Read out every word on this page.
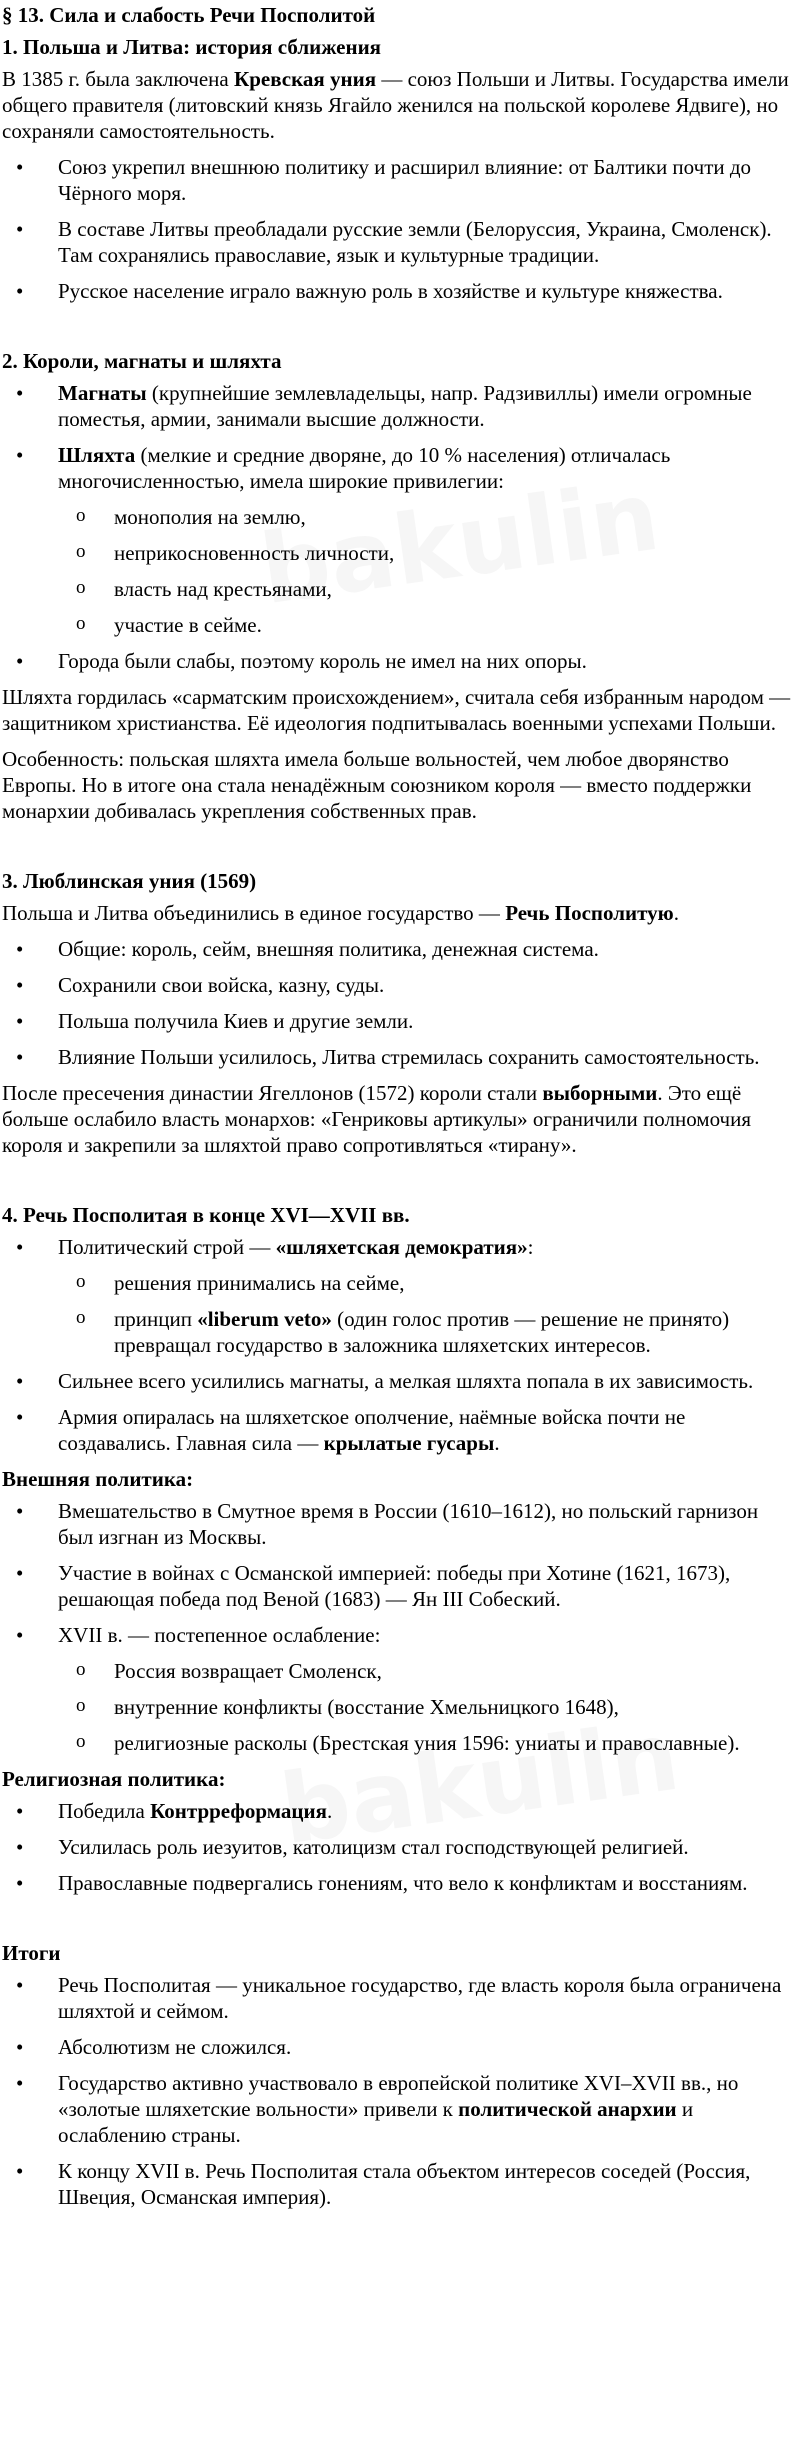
§ 13. Сила и слабость Речи Посполитой
1. Польша и Литва: история сближения

В 1385 г. была заключена Кревская уния — союз Польши и Литвы. Государства имели общего правителя (литовский князь Ягайло женился на польской королеве Ядвиге), но сохраняли самостоятельность.

• Союз укрепил внешнюю политику и расширил влияние: от Балтики почти до Чёрного моря.
• В составе Литвы преобладали русские земли (Белоруссия, Украина, Смоленск). Там сохранялись православие, язык и культурные традиции.
• Русское население играло важную роль в хозяйстве и культуре княжества.
2. Короли, магнаты и шляхта
• Магнаты (крупнейшие землевладельцы, напр. Радзивиллы) имели огромные поместья, армии, занимали высшие должности.
• Шляхта (мелкие и средние дворяне, до 10 % населения) отличалась многочисленностью, имела широкие привилегии:
o монополия на землю,
o неприкосновенность личности,
o власть над крестьянами,
o участие в сейме.
• Города были слабы, поэтому король не имел на них опоры.

Шляхта гордилась «сарматским происхождением», считала себя избранным народом — защитником христианства. Её идеология подпитывалась военными успехами Польши.

Особенность: польская шляхта имела больше вольностей, чем любое дворянство Европы. Но в итоге она стала ненадёжным союзником короля — вместо поддержки монархии добивалась укрепления собственных прав.

3. Люблинская уния (1569)

Польша и Литва объединились в единое государство — Речь Посполитую.

• Общие: король, сейм, внешняя политика, денежная система.
• Сохранили свои войска, казну, суды.
• Польша получила Киев и другие земли.
• Влияние Польши усилилось, Литва стремилась сохранить самостоятельность.

После пресечения династии Ягеллонов (1572) короли стали выборными. Это ещё больше ослабило власть монархов: «Генриковы артикулы» ограничили полномочия короля и закрепили за шляхтой право сопротивляться «тирану».

4. Речь Посполитая в конце XVI—XVII вв.
• Политический строй — «шляхетская демократия»:
o решения принимались на сейме,
o принцип «liberum veto» (один голос против — решение не принято) превращал государство в заложника шляхетских интересов.
• Сильнее всего усилились магнаты, а мелкая шляхта попала в их зависимость.
• Армия опиралась на шляхетское ополчение, наёмные войска почти не создавались. Главная сила — крылатые гусары.
Внешняя политика:
• Вмешательство в Смутное время в России (1610–1612), но польский гарнизон был изгнан из Москвы.
• Участие в войнах с Османской империей: победы при Хотине (1621, 1673), решающая победа под Веной (1683) — Ян III Собеский.
• XVII в. — постепенное ослабление:
o Россия возвращает Смоленск,
o внутренние конфликты (восстание Хмельницкого 1648),
o религиозные расколы (Брестская уния 1596: униаты и православные).
Религиозная политика:
• Победила Контрреформация.
• Усилилась роль иезуитов, католицизм стал господствующей религией.
• Православные подвергались гонениям, что вело к конфликтам и восстаниям.
Итоги
• Речь Посполитая — уникальное государство, где власть короля была ограничена шляхтой и сеймом.
• Абсолютизм не сложился.
• Государство активно участвовало в европейской политике XVI–XVII вв., но «золотые шляхетские вольности» привели к политической анархии и ослаблению страны.
• К концу XVII в. Речь Посполитая стала объектом интересов соседей (Россия, Швеция, Османская империя).
